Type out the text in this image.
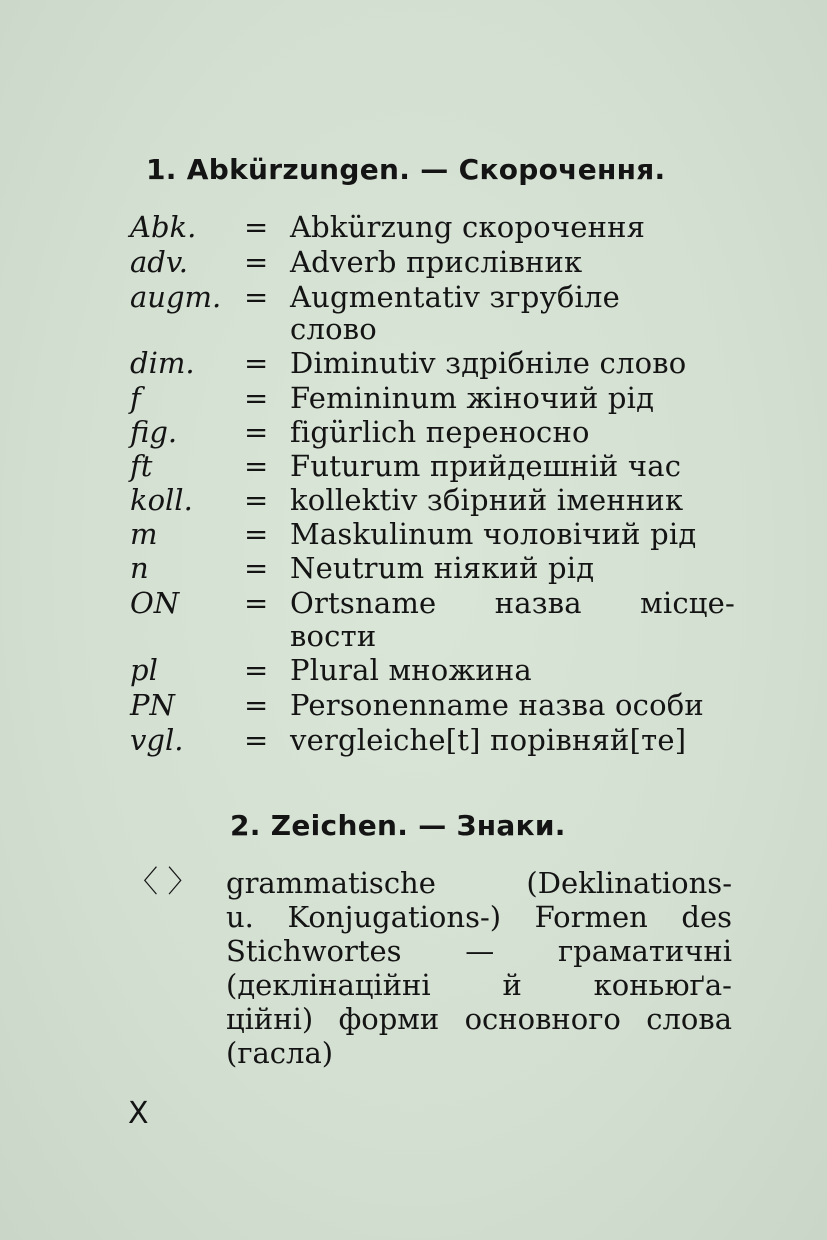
1. Abkürzungen. — Скорочення.
Abk.	= Abkürzung скорочення
adv.	= Adverb прислівник
augm. = Augmentativ згрубіле
слово
dim.	= Diminutiv здрібніле слово
f	= Femininum жіночий рід
fig.	= figürlich переносно
ft	= Futurum прийдешній час
koll.	= kollektiv збірний іменник
m	= Maskulinum чоловічий рід
n	= Neutrum ніякий рід
ON	= Ortsname назва місце-
вости
pl	= Plural множина
PN	= Personenname назва особи
vgl.	= vergleiche[t] порівняй[те]
2. Zeichen. — Знаки.
〈 〉 grammatische (Deklinations-
u. Konjugations-) Formen des
Stichwortes — граматичні
(деклінаційні й коньюґа-
ційні) форми основного слова
(гасла)
X
